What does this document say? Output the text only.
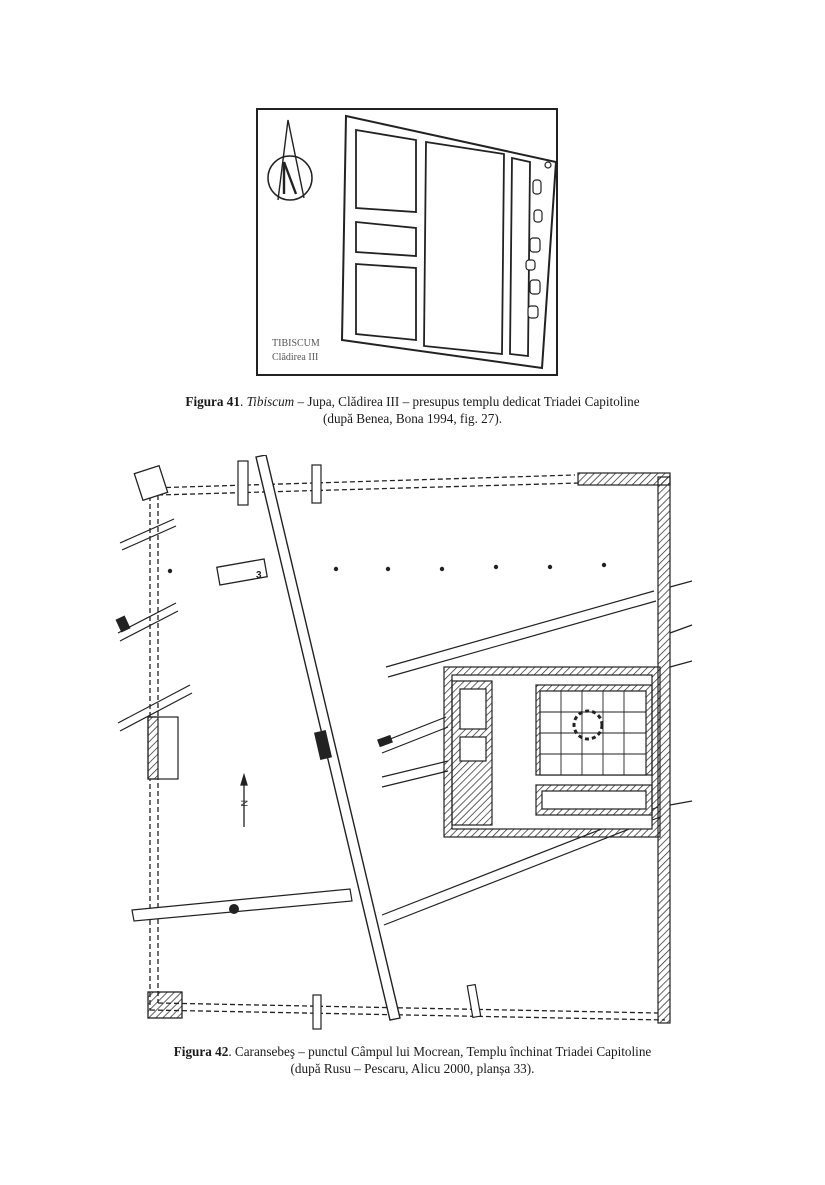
TIBISCUM
Clădirea III
Figura 41. Tibiscum – Jupa, Clădirea III – presupus templu dedicat Triadei Capitoline
(după Benea, Bona 1994, fig. 27).
3
N
Figura 42. Caransebeş – punctul Câmpul lui Mocrean, Templu închinat Triadei Capitoline
(după Rusu – Pescaru, Alicu 2000, planșa 33).
